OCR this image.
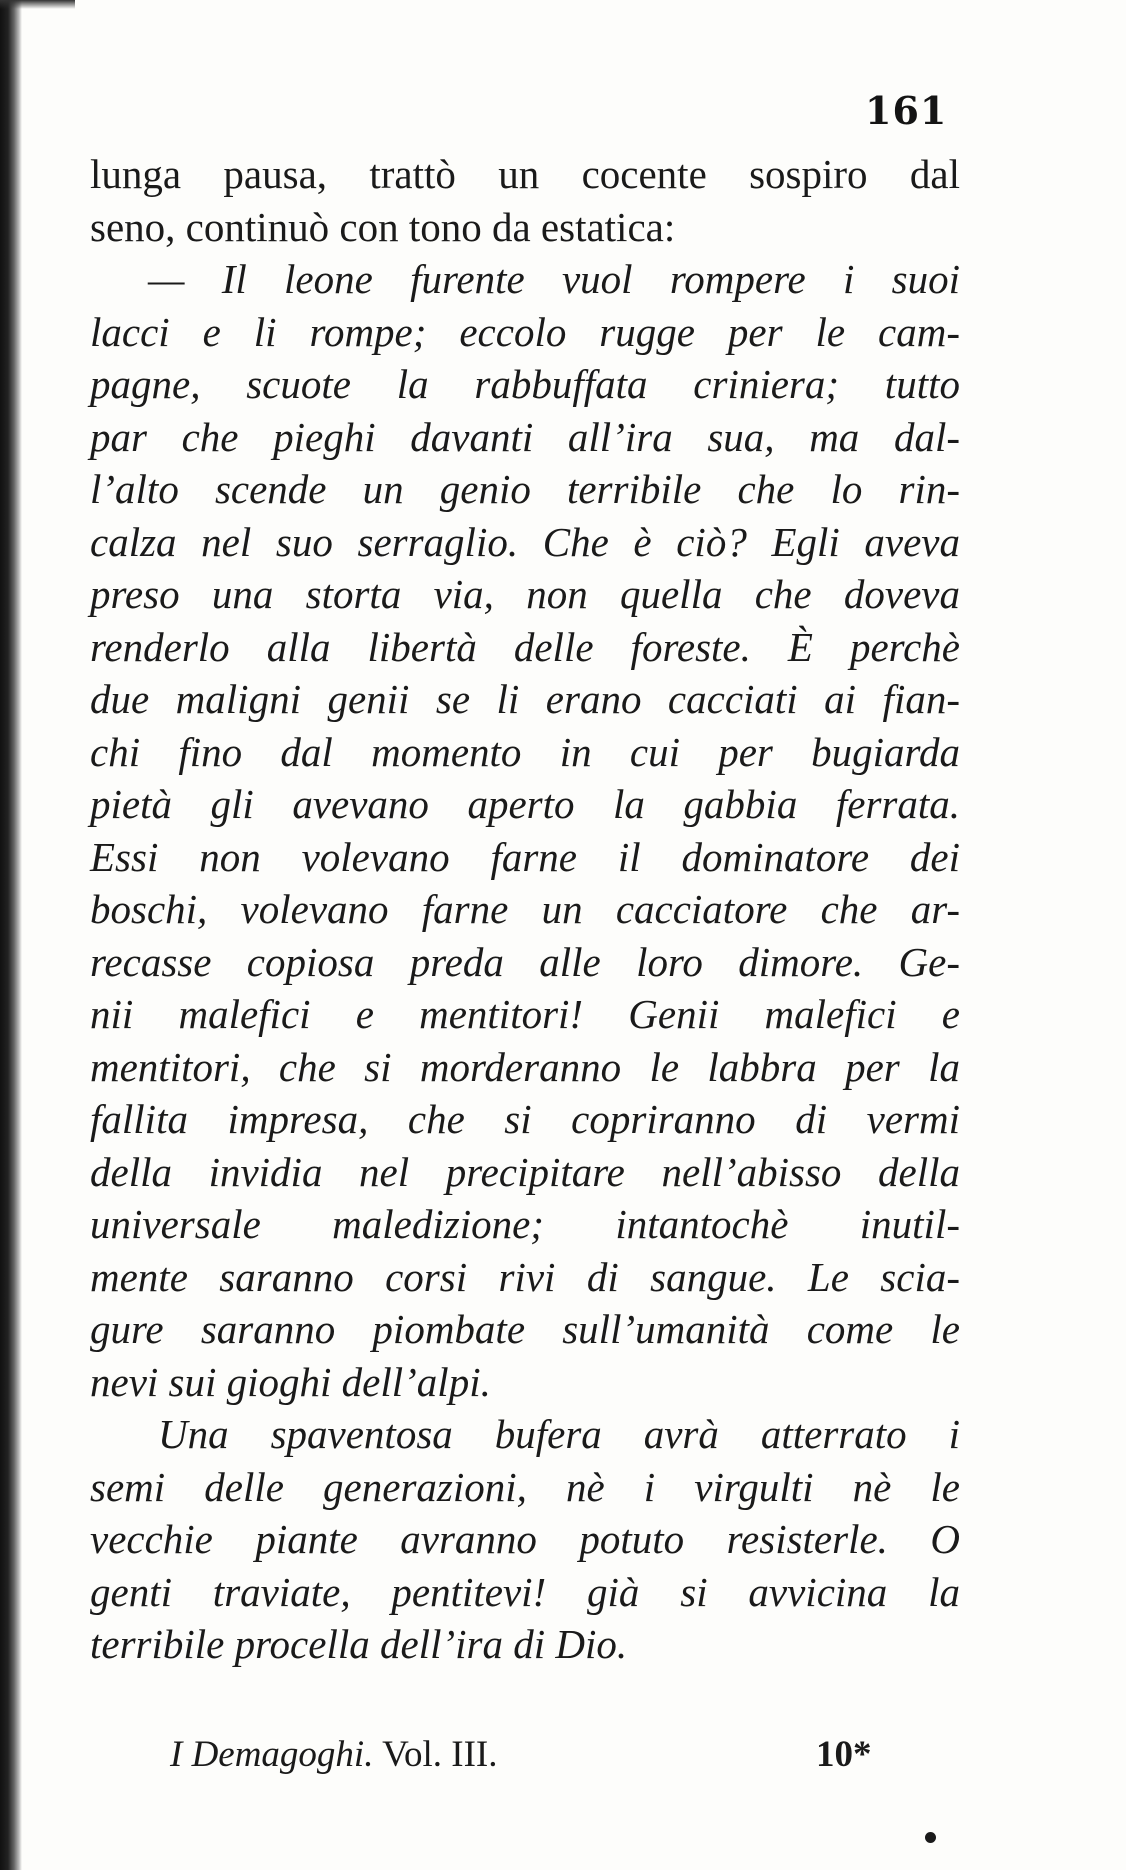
161
lunga pausa, trattò un cocente sospiro dal
seno, continuò con tono da estatica:
— Il leone furente vuol rompere i suoi
lacci e li rompe; eccolo rugge per le cam-
pagne, scuote la rabbuffata criniera; tutto
par che pieghi davanti all’ira sua, ma dal-
l’alto scende un genio terribile che lo rin-
calza nel suo serraglio. Che è ciò? Egli aveva
preso una storta via, non quella che doveva
renderlo alla libertà delle foreste. È perchè
due maligni genii se li erano cacciati ai fian-
chi fino dal momento in cui per bugiarda
pietà gli avevano aperto la gabbia ferrata.
Essi non volevano farne il dominatore dei
boschi, volevano farne un cacciatore che ar-
recasse copiosa preda alle loro dimore. Ge-
nii malefici e mentitori! Genii malefici e
mentitori, che si morderanno le labbra per la
fallita impresa, che si copriranno di vermi
della invidia nel precipitare nell’abisso della
universale maledizione; intantochè inutil-
mente saranno corsi rivi di sangue. Le scia-
gure saranno piombate sull’umanità come le
nevi sui gioghi dell’alpi.
Una spaventosa bufera avrà atterrato i
semi delle generazioni, nè i virgulti nè le
vecchie piante avranno potuto resisterle. O
genti traviate, pentitevi! già si avvicina la
terribile procella dell’ira di Dio.
I Demagoghi. Vol. III.	10*
